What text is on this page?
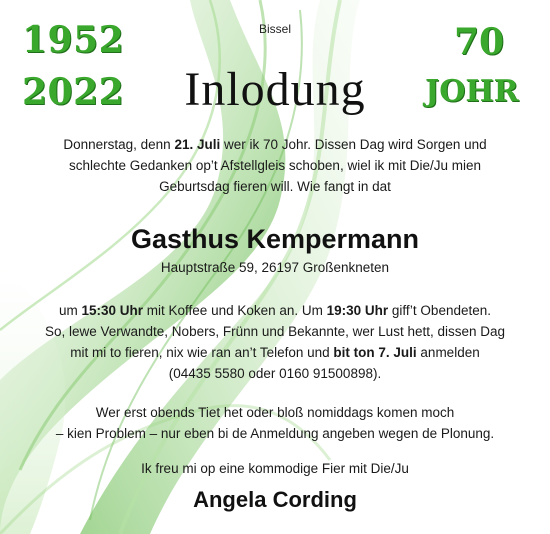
1952
2022
Bissel
Inlodung
70
JOHR
Donnerstag, denn 21. Juli wer ik 70 Johr. Dissen Dag wird Sorgen und
schlechte Gedanken op’t Afstellgleis schoben, wiel ik mit Die/Ju mien
Geburtsdag fieren will. Wie fangt in dat
Gasthus Kempermann
Hauptstraße 59, 26197 Großenkneten
um 15:30 Uhr mit Koffee und Koken an. Um 19:30 Uhr giff’t Obendeten.
So, lewe Verwandte, Nobers, Frünn und Bekannte, wer Lust hett, dissen Dag
mit mi to fieren, nix wie ran an’t Telefon und bit ton 7. Juli anmelden
(04435 5580 oder 0160 91500898).
Wer erst obends Tiet het oder bloß nomiddags komen moch
– kien Problem – nur eben bi de Anmeldung angeben wegen de Plonung.
Ik freu mi op eine kommodige Fier mit Die/Ju
Angela Cording
